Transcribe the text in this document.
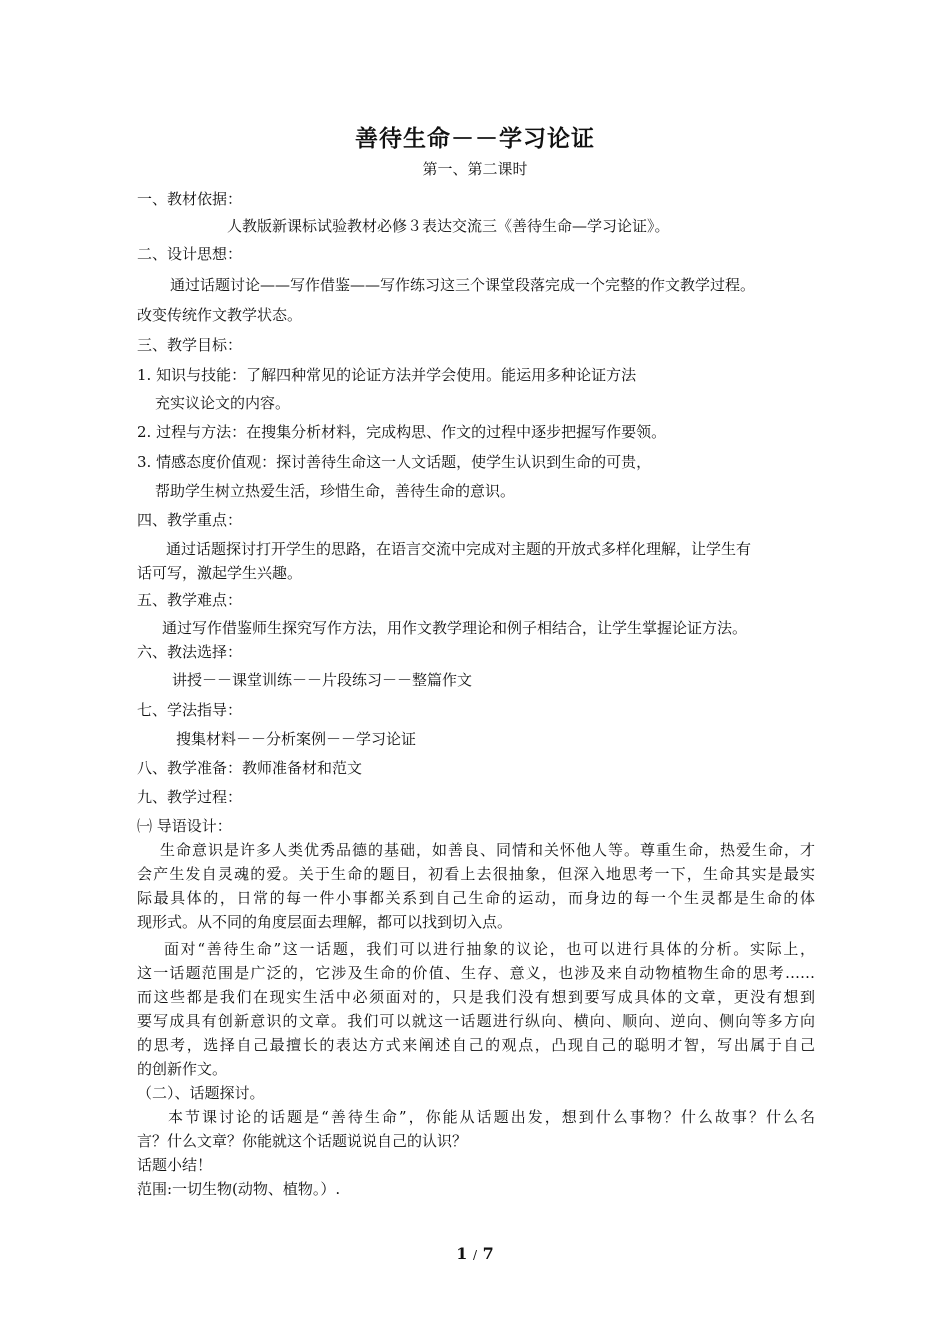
善待生命－－学习论证
第一、第二课时
一、教材依据：
人教版新课标试验教材必修３表达交流三《善待生命—学习论证》。
二、设计思想：
通过话题讨论——写作借鉴——写作练习这三个课堂段落完成一个完整的作文教学过程。
改变传统作文教学状态。
三、教学目标：
1. 知识与技能：了解四种常见的论证方法并学会使用。能运用多种论证方法
充实议论文的内容。
2. 过程与方法：在搜集分析材料，完成构思、作文的过程中逐步把握写作要领。
3. 情感态度价值观：探讨善待生命这一人文话题，使学生认识到生命的可贵，
帮助学生树立热爱生活，珍惜生命，善待生命的意识。
四、教学重点：
通过话题探讨打开学生的思路，在语言交流中完成对主题的开放式多样化理解，让学生有
话可写，激起学生兴趣。
五、教学难点：
通过写作借鉴师生探究写作方法，用作文教学理论和例子相结合，让学生掌握论证方法。
六、教法选择：
讲授－－课堂训练－－片段练习－－整篇作文
七、学法指导：
搜集材料－－分析案例－－学习论证
八、教学准备：教师准备材和范文
九、教学过程：
㈠ 导语设计：
生命意识是许多人类优秀品德的基础，如善良、同情和关怀他人等。尊重生命，热爱生命，才
会产生发自灵魂的爱。关于生命的题目，初看上去很抽象，但深入地思考一下，生命其实是最实
际最具体的，日常的每一件小事都关系到自己生命的运动，而身边的每一个生灵都是生命的体
现形式。从不同的角度层面去理解，都可以找到切入点。
面对“善待生命”这一话题，我们可以进行抽象的议论，也可以进行具体的分析。实际上，
这一话题范围是广泛的，它涉及生命的价值、生存、意义，也涉及来自动物植物生命的思考……
而这些都是我们在现实生活中必须面对的，只是我们没有想到要写成具体的文章，更没有想到
要写成具有创新意识的文章。我们可以就这一话题进行纵向、横向、顺向、逆向、侧向等多方向
的思考，选择自己最擅长的表达方式来阐述自己的观点，凸现自己的聪明才智，写出属于自己
的创新作文。
（二）、话题探讨。
本节课讨论的话题是“善待生命”，你能从话题出发，想到什么事物？什么故事？什么名
言？什么文章？你能就这个话题说说自己的认识？
话题小结！
范围:一切生物(动物、植物。）.
1 / 7
